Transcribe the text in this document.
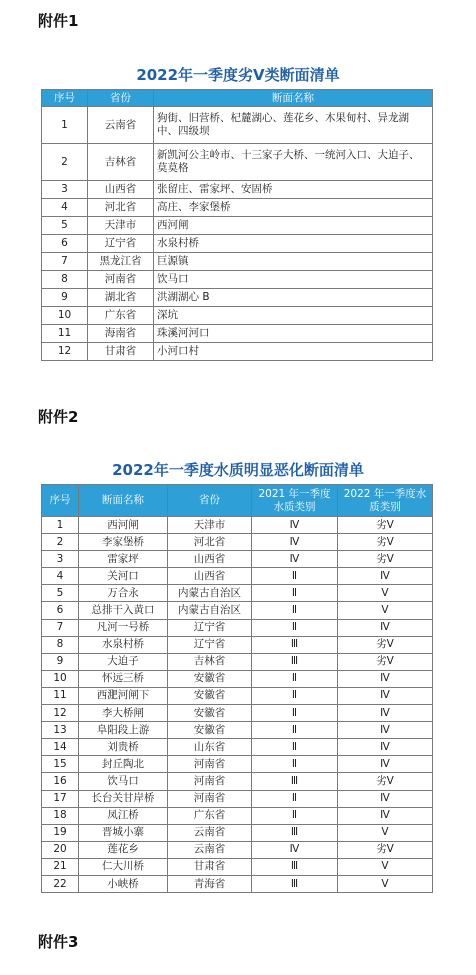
附件1
2022年一季度劣Ⅴ类断面清单
序号	省份	断面名称
1	云南省	狗街、旧营桥、杞麓湖心、莲花乡、木果甸村、异龙湖中、四级坝
2	吉林省	新凯河公主岭市、十三家子大桥、一统河入口、大迫子、莫莫格
3	山西省	张留庄、雷家坪、安固桥
4	河北省	高庄、李家堡桥
5	天津市	西河闸
6	辽宁省	水泉村桥
7	黑龙江省	巨源镇
8	河南省	饮马口
9	湖北省	洪湖湖心 B
10	广东省	深坑
11	海南省	珠溪河河口
12	甘肃省	小河口村
附件2
2022年一季度水质明显恶化断面清单
序号	断面名称	省份	2021 年一季度水质类别	2022 年一季度水质类别
1	西河闸	天津市	Ⅳ	劣Ⅴ
2	李家堡桥	河北省	Ⅳ	劣Ⅴ
3	雷家坪	山西省	Ⅳ	劣Ⅴ
4	关河口	山西省	Ⅱ	Ⅳ
5	万合永	内蒙古自治区	Ⅱ	Ⅴ
6	总排干入黄口	内蒙古自治区	Ⅱ	Ⅴ
7	凡河一号桥	辽宁省	Ⅱ	Ⅳ
8	水泉村桥	辽宁省	Ⅲ	劣Ⅴ
9	大迫子	吉林省	Ⅲ	劣Ⅴ
10	怀远三桥	安徽省	Ⅱ	Ⅳ
11	西淝河闸下	安徽省	Ⅱ	Ⅳ
12	李大桥闸	安徽省	Ⅱ	Ⅳ
13	阜阳段上游	安徽省	Ⅱ	Ⅳ
14	刘贵桥	山东省	Ⅱ	Ⅳ
15	封丘陶北	河南省	Ⅱ	Ⅳ
16	饮马口	河南省	Ⅲ	劣Ⅴ
17	长台关甘岸桥	河南省	Ⅱ	Ⅳ
18	凤江桥	广东省	Ⅱ	Ⅳ
19	晋城小寨	云南省	Ⅲ	Ⅴ
20	莲花乡	云南省	Ⅳ	劣Ⅴ
21	仁大川桥	甘肃省	Ⅲ	Ⅴ
22	小峡桥	青海省	Ⅲ	Ⅴ
附件3
